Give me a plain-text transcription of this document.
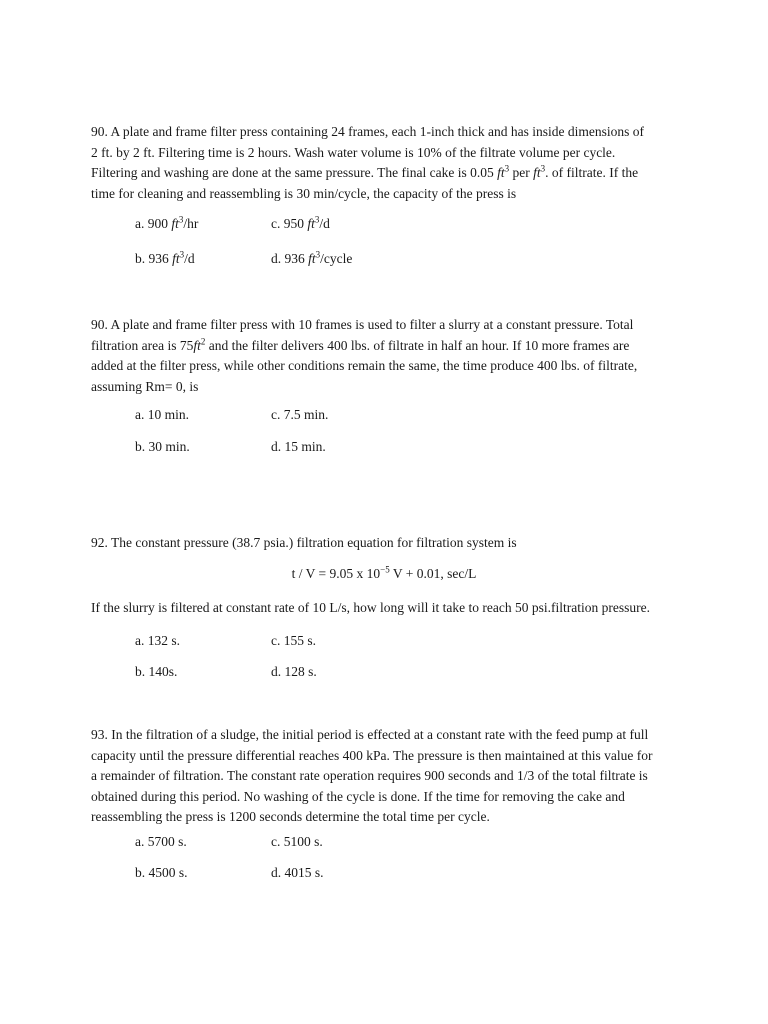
90. A plate and frame filter press containing 24 frames, each 1-inch thick and has inside dimensions of
2 ft. by 2 ft. Filtering time is 2 hours. Wash water volume is 10% of the filtrate volume per cycle.
Filtering and washing are done at the same pressure. The final cake is 0.05 $ft^3$ per $ft^3$. of filtrate. If the
time for cleaning and reassembling is 30 min/cycle, the capacity of the press is

a. 900 $ft^3/hr$	c. 950 $ft^3/d$
b. 936 $ft^3/d$	d. 936 $ft^3$/cycle

90. A plate and frame filter press with 10 frames is used to filter a slurry at a constant pressure. Total
filtration area is $75ft^2$ and the filter delivers 400 lbs. of filtrate in half an hour. If 10 more frames are
added at the filter press, while other conditions remain the same, the time produce 400 lbs. of filtrate,
assuming Rm= 0, is

a. 10 min.	c. 7.5 min.
b. 30 min.	d. 15 min.
92. The constant pressure (38.7 psia.) filtration equation for filtration system is
t / V = 9.05 x $10^{-5}$ V + 0.01, sec/L
If the slurry is filtered at constant rate of 10 L/s, how long will it take to reach 50 psi.filtration pressure.
a. 132 s.	c. 155 s.
b. 140s.	d. 128 s.

93. In the filtration of a sludge, the initial period is effected at a constant rate with the feed pump at full
capacity until the pressure differential reaches 400 kPa. The pressure is then maintained at this value for
a remainder of filtration. The constant rate operation requires 900 seconds and 1/3 of the total filtrate is
obtained during this period. No washing of the cycle is done. If the time for removing the cake and
reassembling the press is 1200 seconds determine the total time per cycle.

a. 5700 s.	c. 5100 s.
b. 4500 s.	d. 4015 s.
